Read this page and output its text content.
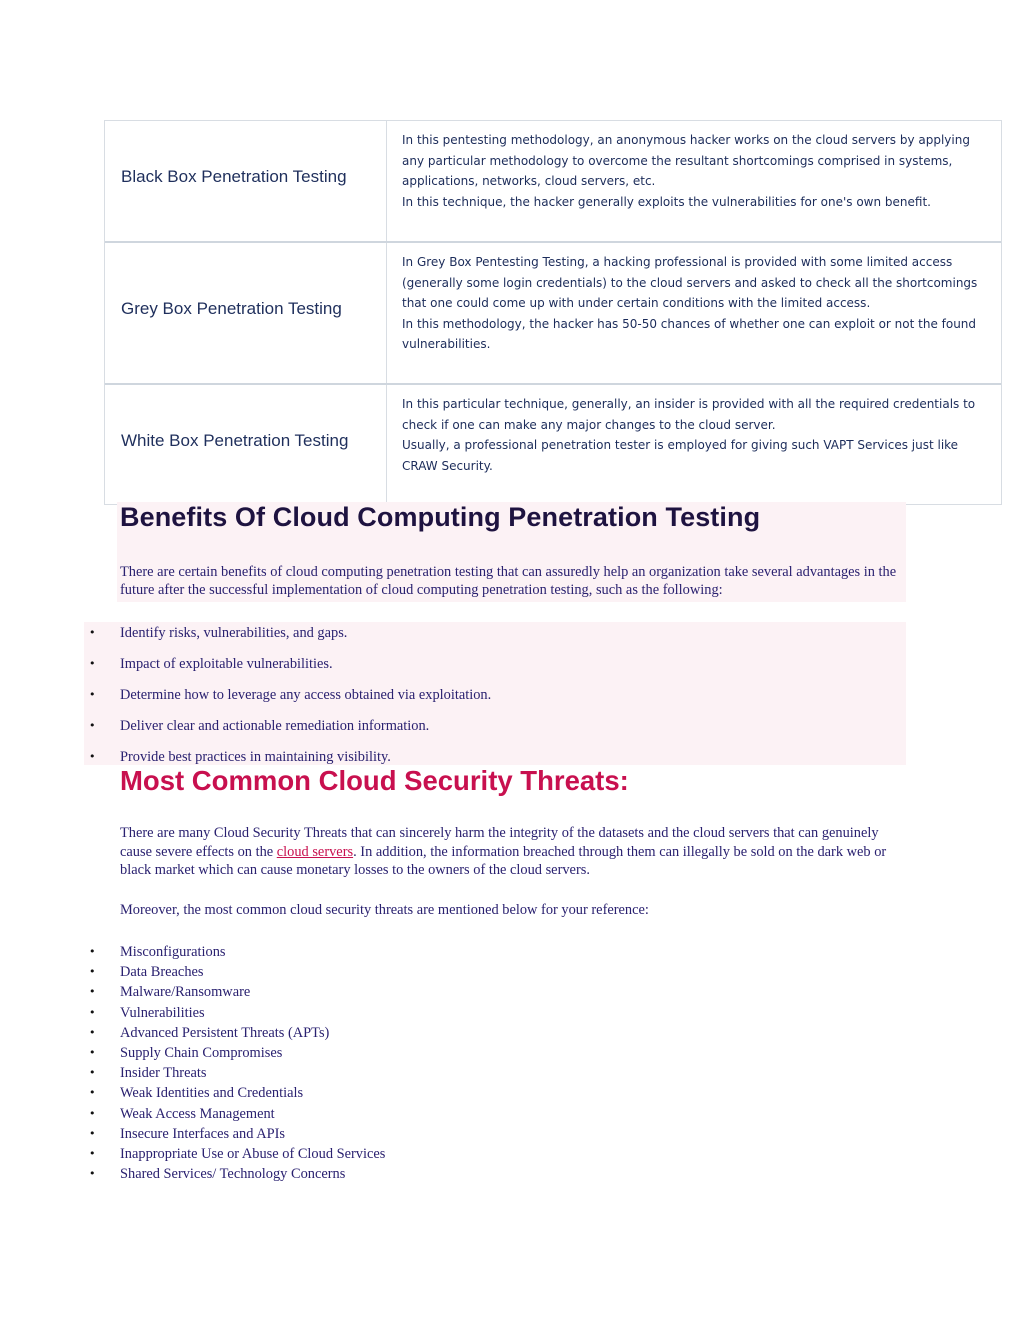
Black Box Penetration Testing

In this pentesting methodology, an anonymous hacker works on the cloud servers by applying any particular methodology to overcome the resultant shortcomings comprised in systems, applications, networks, cloud servers, etc.

In this technique, the hacker generally exploits the vulnerabilities for one's own benefit.

Grey Box Penetration Testing

In Grey Box Pentesting Testing, a hacking professional is provided with some limited access (generally some login credentials) to the cloud servers and asked to check all the shortcomings that one could come up with under certain conditions with the limited access.

In this methodology, the hacker has 50-50 chances of whether one can exploit or not the found vulnerabilities.

White Box Penetration Testing

In this particular technique, generally, an insider is provided with all the required credentials to check if one can make any major changes to the cloud server.

Usually, a professional penetration tester is employed for giving such VAPT Services just like CRAW Security.

Benefits Of Cloud Computing Penetration Testing

There are certain benefits of cloud computing penetration testing that can assuredly help an organization take several advantages in the future after the successful implementation of cloud computing penetration testing, such as the following:

• Identify risks, vulnerabilities, and gaps.
• Impact of exploitable vulnerabilities.
• Determine how to leverage any access obtained via exploitation.
• Deliver clear and actionable remediation information.
• Provide best practices in maintaining visibility.
Most Common Cloud Security Threats:

There are many Cloud Security Threats that can sincerely harm the integrity of the datasets and the cloud servers that can genuinely cause severe effects on the cloud servers. In addition, the information breached through them can illegally be sold on the dark web or black market which can cause monetary losses to the owners of the cloud servers.

Moreover, the most common cloud security threats are mentioned below for your reference:

• Misconfigurations
• Data Breaches
• Malware/Ransomware
• Vulnerabilities
• Advanced Persistent Threats (APTs)
• Supply Chain Compromises
• Insider Threats
• Weak Identities and Credentials
• Weak Access Management
• Insecure Interfaces and APIs
• Inappropriate Use or Abuse of Cloud Services
• Shared Services/ Technology Concerns
